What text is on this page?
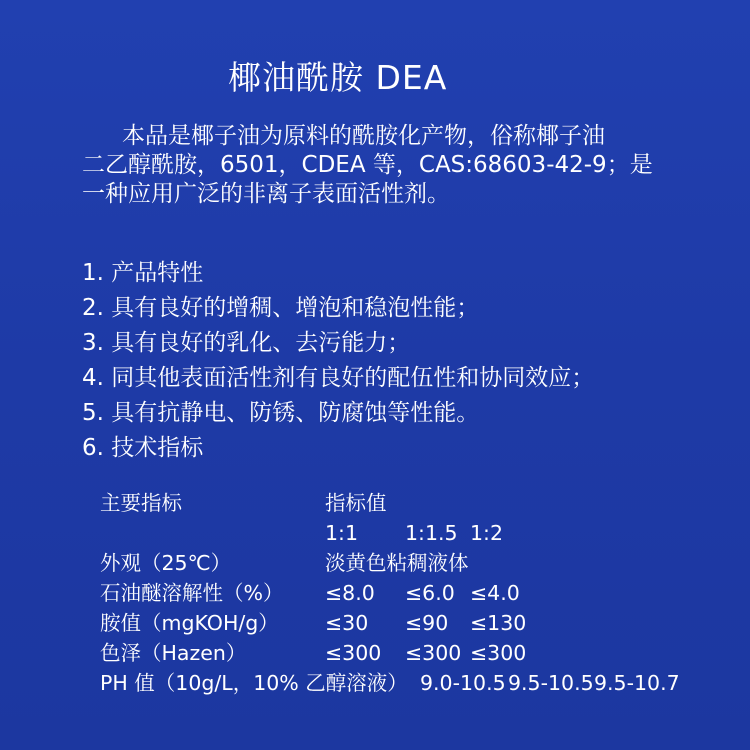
椰油酰胺 DEA

本品是椰子油为原料的酰胺化产物，俗称椰子油

二乙醇酰胺，6501，CDEA 等，CAS:68603-42-9；是

一种应用广泛的非离子表面活性剂。

1. 产品特性
2. 具有良好的增稠、增泡和稳泡性能；
3. 具有良好的乳化、去污能力；
4. 同其他表面活性剂有良好的配伍性和协同效应；
5. 具有抗静电、防锈、防腐蚀等性能。
6. 技术指标
主要指标	指标值
1:1 1:1.5 1:2
外观（25℃）	淡黄色粘稠液体
石油醚溶解性（%） ≤8.0 ≤6.0 ≤4.0
胺值（mgKOH/g） ≤30 ≤90 ≤130
色泽（Hazen）	≤300 ≤300 ≤300
PH 值（10g/L，10% 乙醇溶液） 9.0-10.5 9.5-10.5 9.5-10.7
